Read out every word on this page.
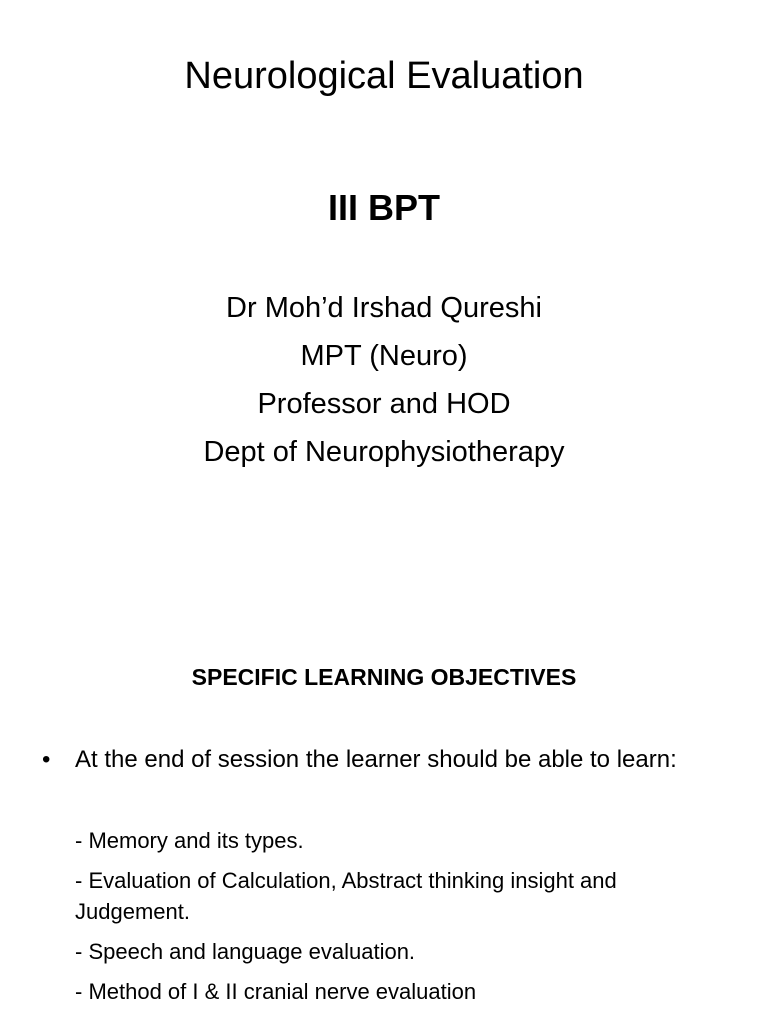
Neurological Evaluation
III BPT
Dr Moh’d Irshad Qureshi
MPT (Neuro)
Professor and HOD
Dept of Neurophysiotherapy
SPECIFIC LEARNING OBJECTIVES
•	At the end of session the learner should be able to learn:
- Memory and its types.
- Evaluation of Calculation, Abstract thinking insight and Judgement.
- Speech and language evaluation.
- Method of I & II cranial nerve evaluation
